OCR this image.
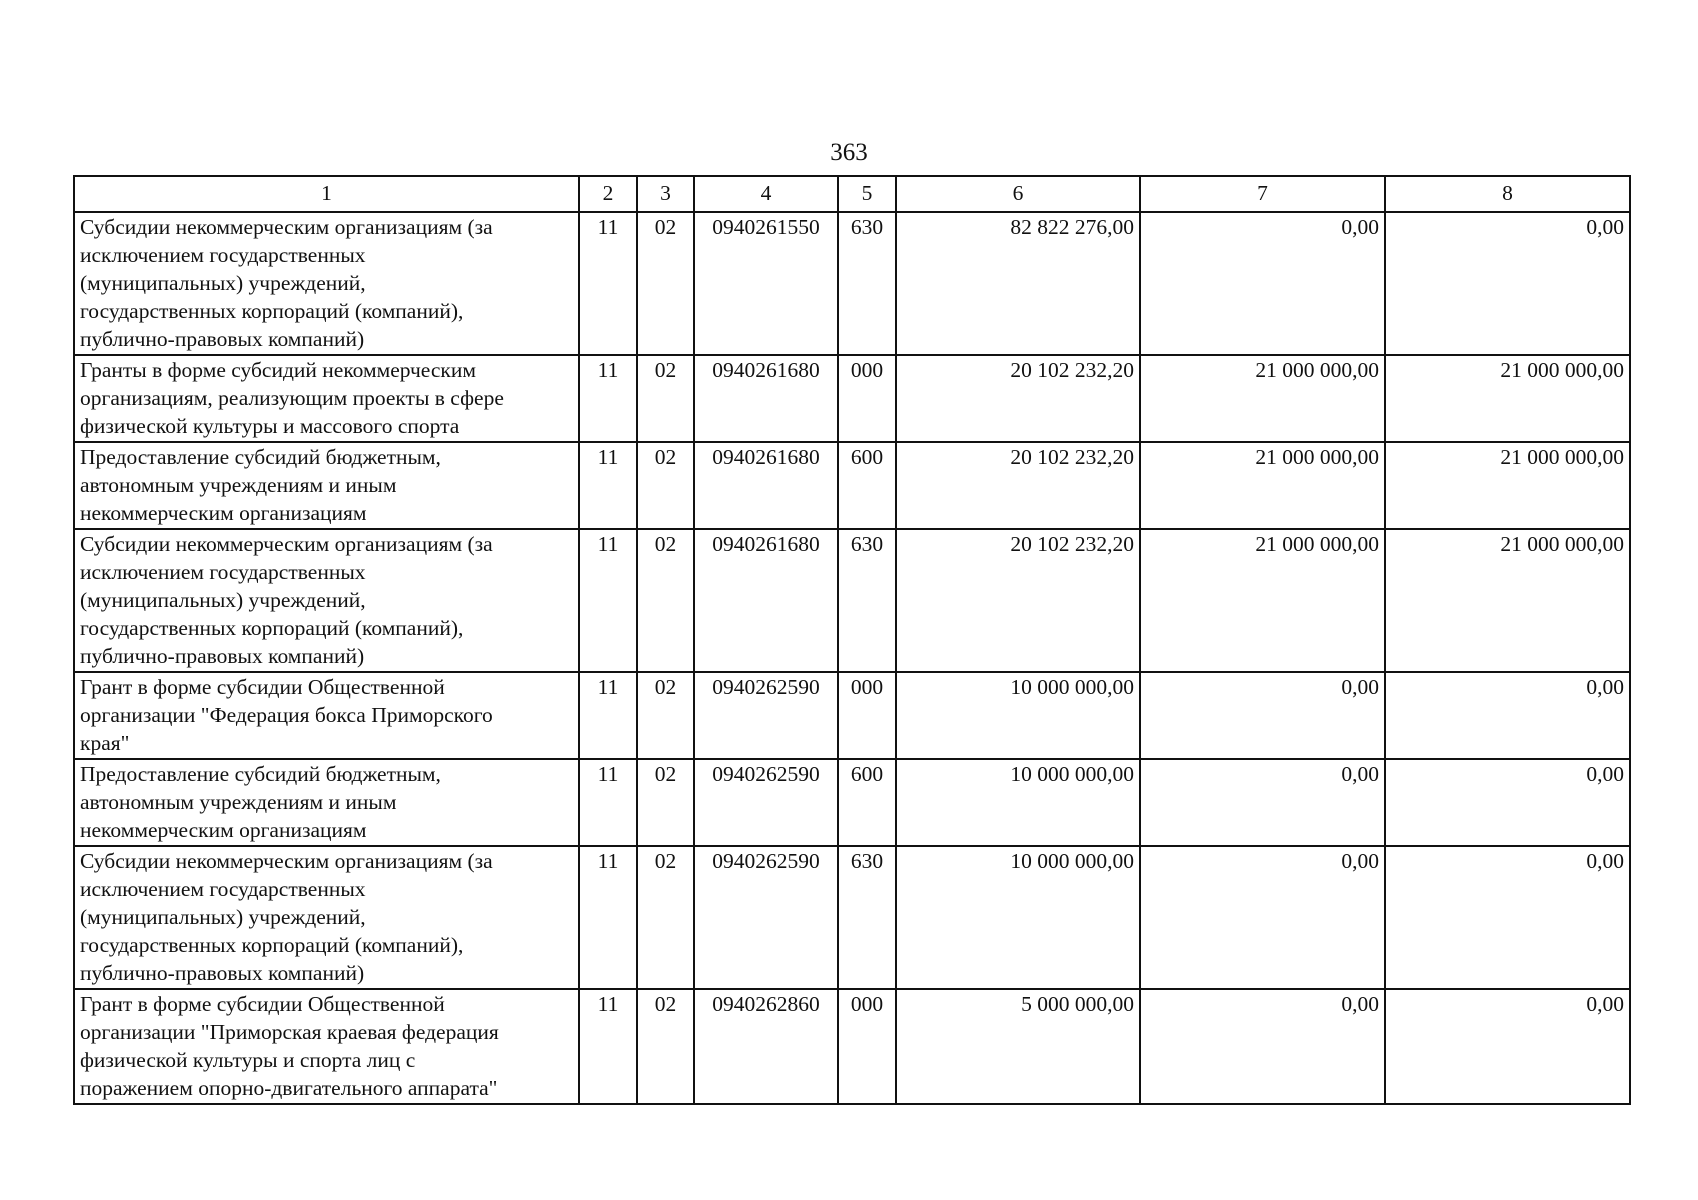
363
1	2	3	4	5	6	7	8
Субсидии некоммерческим организациям (за
исключением государственных
(муниципальных) учреждений,
государственных корпораций (компаний),
публично-правовых компаний)	11	02	0940261550	630	82 822 276,00	0,00	0,00
Гранты в форме субсидий некоммерческим
организациям, реализующим проекты в сфере
физической культуры и массового спорта	11	02	0940261680	000	20 102 232,20	21 000 000,00	21 000 000,00
Предоставление субсидий бюджетным,
автономным учреждениям и иным
некоммерческим организациям	11	02	0940261680	600	20 102 232,20	21 000 000,00	21 000 000,00
Субсидии некоммерческим организациям (за
исключением государственных
(муниципальных) учреждений,
государственных корпораций (компаний),
публично-правовых компаний)	11	02	0940261680	630	20 102 232,20	21 000 000,00	21 000 000,00
Грант в форме субсидии Общественной
организации "Федерация бокса Приморского
края"	11	02	0940262590	000	10 000 000,00	0,00	0,00
Предоставление субсидий бюджетным,
автономным учреждениям и иным
некоммерческим организациям	11	02	0940262590	600	10 000 000,00	0,00	0,00
Субсидии некоммерческим организациям (за
исключением государственных
(муниципальных) учреждений,
государственных корпораций (компаний),
публично-правовых компаний)	11	02	0940262590	630	10 000 000,00	0,00	0,00
Грант в форме субсидии Общественной
организации "Приморская краевая федерация
физической культуры и спорта лиц с
поражением опорно-двигательного аппарата"	11	02	0940262860	000	5 000 000,00	0,00	0,00
